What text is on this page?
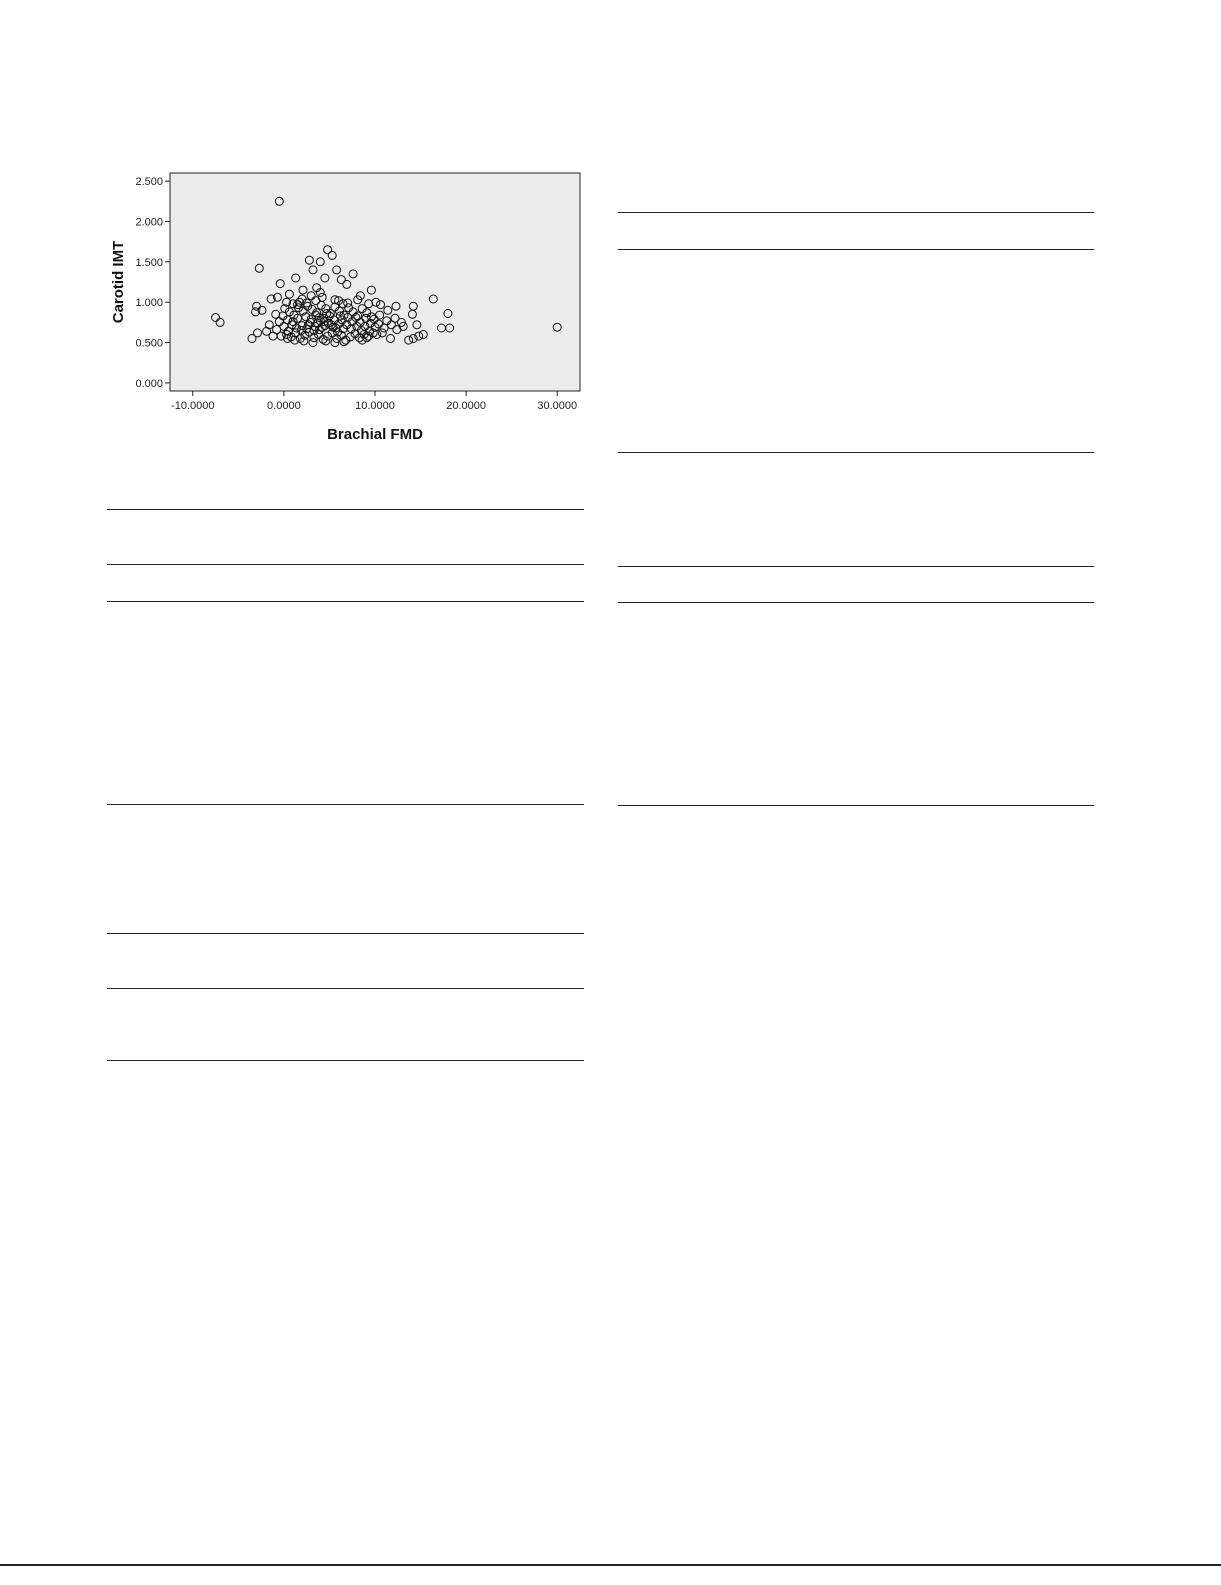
-10.0000	0.0000	10.0000	20.0000	30.0000
0.000
0.500
1.000
1.500
2.000
2.500
Brachial FMD
Carotid IMT
